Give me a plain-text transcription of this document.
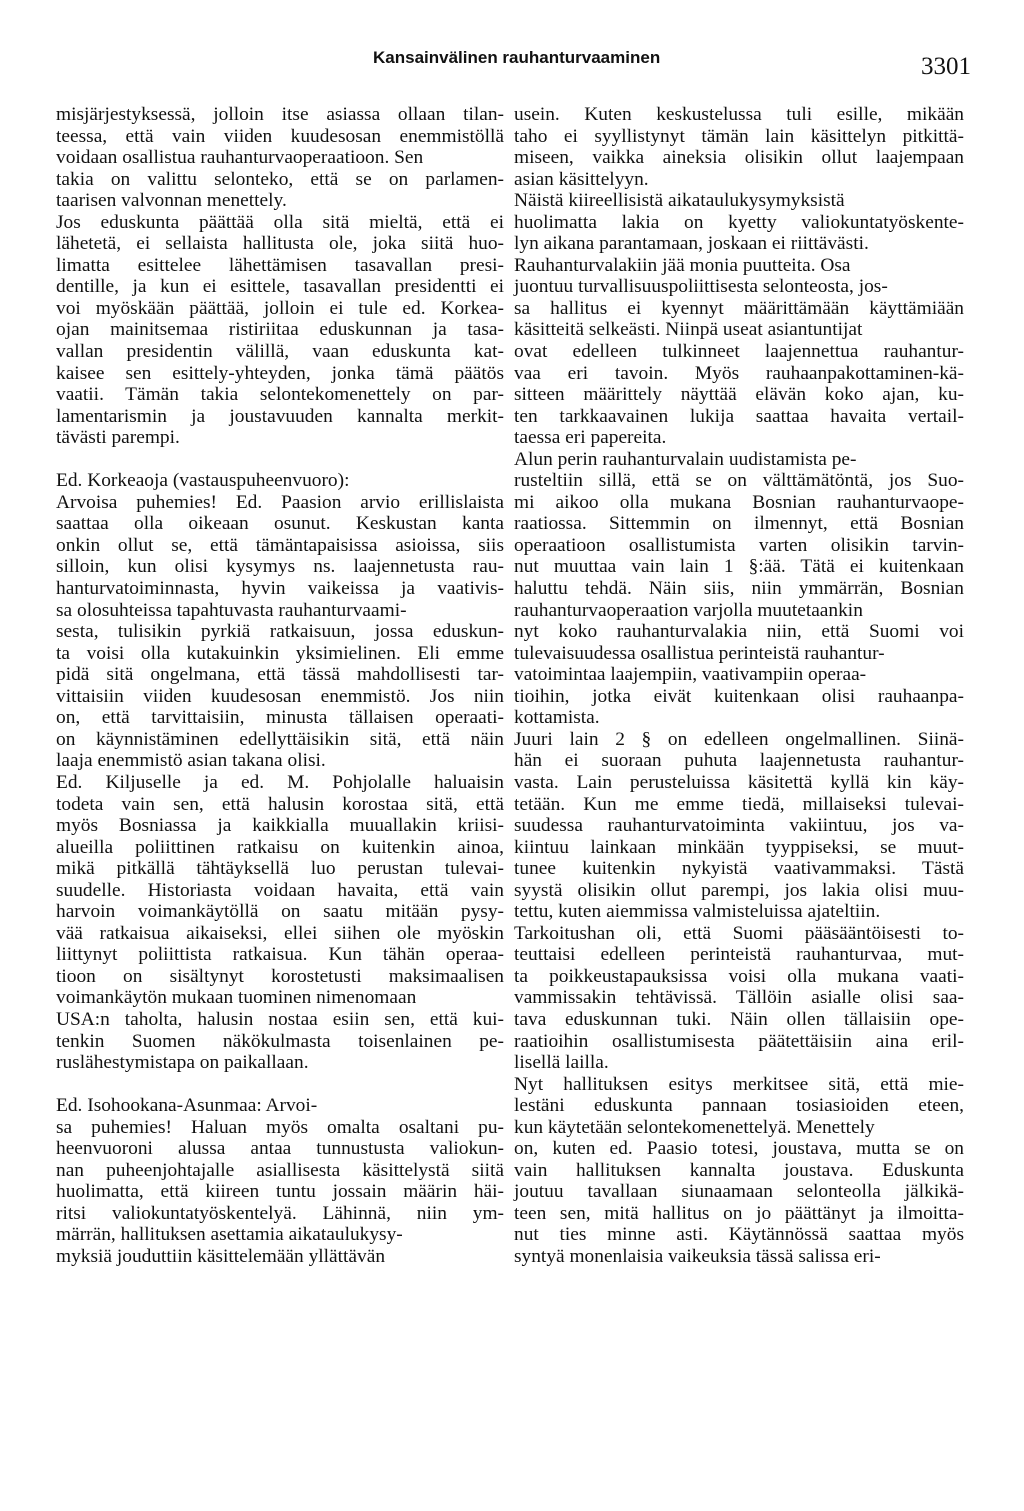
Kansainvälinen rauhanturvaaminen	3301
misjärjestyksessä, jolloin itse asiassa ollaan tilan-
teessa, että vain viiden kuudesosan enemmistöllä
voidaan osallistua rauhanturvaoperaatioon. Sen
takia on valittu selonteko, että se on parlamen-
taarisen valvonnan menettely.
Jos eduskunta päättää olla sitä mieltä, että ei
lähetetä, ei sellaista hallitusta ole, joka siitä huo-
limatta esittelee lähettämisen tasavallan presi-
dentille, ja kun ei esittele, tasavallan presidentti ei
voi myöskään päättää, jolloin ei tule ed. Korkea-
ojan mainitsemaa ristiriitaa eduskunnan ja tasa-
vallan presidentin välillä, vaan eduskunta kat-
kaisee sen esittely-yhteyden, jonka tämä päätös
vaatii. Tämän takia selontekomenettely on par-
lamentarismin ja joustavuuden kannalta merkit-
tävästi parempi.

Ed. Korkeaoja (vastauspuheenvuoro):
Arvoisa puhemies! Ed. Paasion arvio erillislaista
saattaa olla oikeaan osunut. Keskustan kanta
onkin ollut se, että tämäntapaisissa asioissa, siis
silloin, kun olisi kysymys ns. laajennetusta rau-
hanturvatoiminnasta, hyvin vaikeissa ja vaativis-
sa olosuhteissa tapahtuvasta rauhanturvaami-
sesta, tulisikin pyrkiä ratkaisuun, jossa eduskun-
ta voisi olla kutakuinkin yksimielinen. Eli emme
pidä sitä ongelmana, että tässä mahdollisesti tar-
vittaisiin viiden kuudesosan enemmistö. Jos niin
on, että tarvittaisiin, minusta tällaisen operaati-
on käynnistäminen edellyttäisikin sitä, että näin
laaja enemmistö asian takana olisi.
Ed. Kiljuselle ja ed. M. Pohjolalle haluaisin
todeta vain sen, että halusin korostaa sitä, että
myös Bosniassa ja kaikkialla muuallakin kriisi-
alueilla poliittinen ratkaisu on kuitenkin ainoa,
mikä pitkällä tähtäyksellä luo perustan tulevai-
suudelle. Historiasta voidaan havaita, että vain
harvoin voimankäytöllä on saatu mitään pysy-
vää ratkaisua aikaiseksi, ellei siihen ole myöskin
liittynyt poliittista ratkaisua. Kun tähän operaa-
tioon on sisältynyt korostetusti maksimaalisen
voimankäytön mukaan tuominen nimenomaan
USA:n taholta, halusin nostaa esiin sen, että kui-
tenkin Suomen näkökulmasta toisenlainen pe-
ruslähestymistapa on paikallaan.

Ed. Isohookana-Asunmaa: Arvoi-
sa puhemies! Haluan myös omalta osaltani pu-
heenvuoroni alussa antaa tunnustusta valiokun-
nan puheenjohtajalle asiallisesta käsittelystä siitä
huolimatta, että kiireen tuntu jossain määrin häi-
ritsi valiokuntatyöskentelyä. Lähinnä, niin ym-
märrän, hallituksen asettamia aikataulukysy-
myksiä jouduttiin käsittelemään yllättävän
usein. Kuten keskustelussa tuli esille, mikään
taho ei syyllistynyt tämän lain käsittelyn pitkittä-
miseen, vaikka aineksia olisikin ollut laajempaan
asian käsittelyyn.
Näistä kiireellisistä aikataulukysymyksistä
huolimatta lakia on kyetty valiokuntatyöskente-
lyn aikana parantamaan, joskaan ei riittävästi.
Rauhanturvalakiin jää monia puutteita. Osa
juontuu turvallisuuspoliittisesta selonteosta, jos-
sa hallitus ei kyennyt määrittämään käyttämiään
käsitteitä selkeästi. Niinpä useat asiantuntijat
ovat edelleen tulkinneet laajennettua rauhantur-
vaa eri tavoin. Myös rauhaanpakottaminen-kä-
sitteen määrittely näyttää elävän koko ajan, ku-
ten tarkkaavainen lukija saattaa havaita vertail-
taessa eri papereita.
Alun perin rauhanturvalain uudistamista pe-
rusteltiin sillä, että se on välttämätöntä, jos Suo-
mi aikoo olla mukana Bosnian rauhanturvaope-
raatiossa. Sittemmin on ilmennyt, että Bosnian
operaatioon osallistumista varten olisikin tarvin-
nut muuttaa vain lain 1 §:ää. Tätä ei kuitenkaan
haluttu tehdä. Näin siis, niin ymmärrän, Bosnian
rauhanturvaoperaation varjolla muutetaankin
nyt koko rauhanturvalakia niin, että Suomi voi
tulevaisuudessa osallistua perinteistä rauhantur-
vatoimintaa laajempiin, vaativampiin operaa-
tioihin, jotka eivät kuitenkaan olisi rauhaanpa-
kottamista.
Juuri lain 2 § on edelleen ongelmallinen. Siinä-
hän ei suoraan puhuta laajennetusta rauhantur-
vasta. Lain perusteluissa käsitettä kyllä kin käy-
tetään. Kun me emme tiedä, millaiseksi tulevai-
suudessa rauhanturvatoiminta vakiintuu, jos va-
kiintuu lainkaan minkään tyyppiseksi, se muut-
tunee kuitenkin nykyistä vaativammaksi. Tästä
syystä olisikin ollut parempi, jos lakia olisi muu-
tettu, kuten aiemmissa valmisteluissa ajateltiin.
Tarkoitushan oli, että Suomi pääsääntöisesti to-
teuttaisi edelleen perinteistä rauhanturvaa, mut-
ta poikkeustapauksissa voisi olla mukana vaati-
vammissakin tehtävissä. Tällöin asialle olisi saa-
tava eduskunnan tuki. Näin ollen tällaisiin ope-
raatioihin osallistumisesta päätettäisiin aina eril-
lisellä lailla.
Nyt hallituksen esitys merkitsee sitä, että mie-
lestäni eduskunta pannaan tosiasioiden eteen,
kun käytetään selontekomenettelyä. Menettely
on, kuten ed. Paasio totesi, joustava, mutta se on
vain hallituksen kannalta joustava. Eduskunta
joutuu tavallaan siunaamaan selonteolla jälkikä-
teen sen, mitä hallitus on jo päättänyt ja ilmoitta-
nut ties minne asti. Käytännössä saattaa myös
syntyä monenlaisia vaikeuksia tässä salissa eri-
